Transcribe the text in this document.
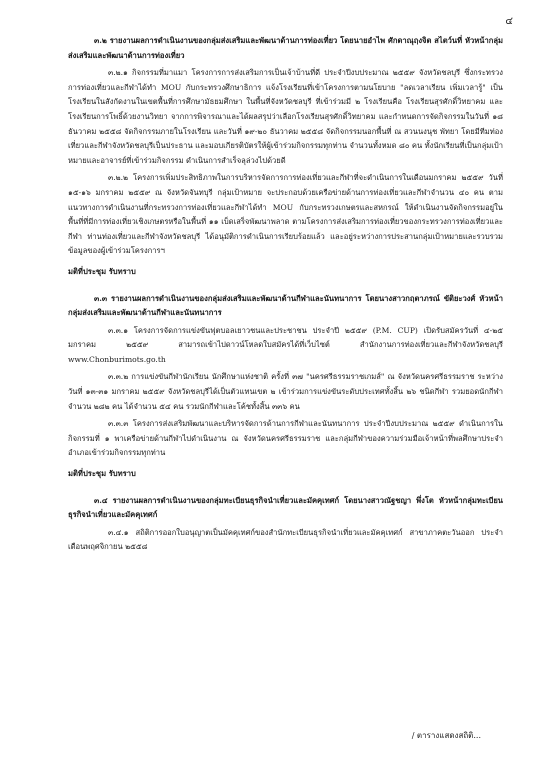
๔

๓.๒ รายงานผลการดำเนินงานของกลุ่มส่งเสริมและพัฒนาด้านการท่องเที่ยว โดยนายอำไพ ศักดาณุฤงจิต สไตว์นที่ หัวหน้ากลุ่มส่งเสริมและพัฒนาด้านการท่องเที่ยว

๓.๒.๑ กิจกรรมที่มาแมา โครงการการส่งเสริมการเป็นเจ้าบ้านที่ดี ประจำปีงบประมาณ ๒๕๕๙ จังหวัดชลบุรี ซึ่งกระทรวงการท่องเที่ยวและกีฬาได้ทำ MOU กับกระทรวงศึกษาธิการ แจ้งโรงเรียนที่เข้าโครงการตามนโยบาย "ลดเวลาเรียน เพิ่มเวลารู้" เป็นโรงเรียนในสังกัดงานในเขตพื้นที่การศึกษามัธยมศึกษา ในพื้นที่จังหวัดชลบุรี ที่เข้าร่วมมี ๒ โรงเรียนคือ โรงเรียนสุรศักดิ์วิทยาคม และโรงเรียนการโพธิ์ด้วยงานวิทยา จากการพิจารณาและได้ผลสรุปว่าเลือกโรงเรียนสุรศักดิ์วิทยาคม และกำหนดการจัดกิจกรรมในวันที่ ๑๘ ธันวาคม ๒๕๕๘ จัดกิจกรรมภายในโรงเรียน และวันที่ ๑๙-๒๐ ธันวาคม ๒๕๕๘ จัดกิจกรรมนอกพื้นที่ ณ สวนนงนุช พัทยา โดยมีทีมท่องเที่ยวและกีฬาจังหวัดชลบุรีเป็นประธาน และมอบเกียรติบัตรให้ผู้เข้าร่วมกิจกรรมทุกท่าน จำนวนทั้งหมด ๘๐ คน ทั้งนักเรียนที่เป็นกลุ่มเป้าหมายและอาจารย์ที่เข้าร่วมกิจกรรม ดำเนินการสำเร็จลุล่วงไปด้วยดี

๓.๒.๒ โครงการเพิ่มประสิทธิภาพในการบริหารจัดการการท่องเที่ยวและกีฬาที่จะดำเนินการในเดือนมกราคม ๒๕๕๙ วันที่ ๑๕-๑๖ มกราคม ๒๕๕๙ ณ จังหวัดจันทบุรี กลุ่มเป้าหมาย จะประกอบด้วยเครือข่ายด้านการท่องเที่ยวและกีฬาจำนวน ๔๐ คน ตามแนวทางการดำเนินงานที่กระทรวงการท่องเที่ยวและกีฬาได้ทำ MOU กับกระทรวงเกษตรและสหกรณ์ ให้ดำเนินงานจัดกิจกรรมอยู่ในพื้นที่ที่มีการท่องเที่ยวเชิงเกษตรหรือในพื้นที่ ๑๑ เบ็ดเสร็จพัฒนาพลาด ตามโครงการส่งเสริมการท่องเที่ยวของกระทรวงการท่องเที่ยวและกีฬา ท่านท่องเที่ยวและกีฬาจังหวัดชลบุรี ได้อนุมัติการดำเนินการเรียบร้อยแล้ว และอยู่ระหว่างการประสานกลุ่มเป้าหมายและรวบรวมข้อมูลของผู้เข้าร่วมโครงการฯ

มติที่ประชุม รับทราบ

๓.๓ รายงานผลการดำเนินงานของกลุ่มส่งเสริมและพัฒนาด้านกีฬาและนันทนาการ โดยนางสาวกฤตาภรณ์ ขัติยะวงศ์ หัวหน้ากลุ่มส่งเสริมและพัฒนาด้านกีฬาและนันทนาการ

๓.๓.๑ โครงการจัดการแข่งขันฟุตบอลเยาวชนและประชาชน ประจำปี ๒๕๕๙ (P.M. CUP) เปิดรับสมัครวันที่ ๔-๒๕ มกราคม ๒๕๕๙ สามารถเข้าไปดาวน์โหลดใบสมัครได้ที่เว็บไซต์ สำนักงานการท่องเที่ยวและกีฬาจังหวัดชลบุรี www.Chonburimots.go.th

๓.๓.๒ การแข่งขันกีฬานักเรียน นักศึกษาแห่งชาติ ครั้งที่ ๓๗ "นครศรีธรรมราชเกมส์" ณ จังหวัดนครศรีธรรมราช ระหว่างวันที่ ๑๓-๓๑ มกราคม ๒๕๕๙ จังหวัดชลบุรีได้เป็นตัวแทนเขต ๒ เข้าร่วมการแข่งขันระดับประเทศทั้งสิ้น ๒๖ ชนิดกีฬา รวมยอดนักกีฬาจำนวน ๒๘๒ คน ได้จำนวน ๕๔ คน รวมนักกีฬาและโค้ชทั้งสิ้น ๓๓๖ คน

๓.๓.๓ โครงการส่งเสริมพัฒนาและบริหารจัดการด้านการกีฬาและนันทนาการ ประจำปีงบประมาณ ๒๕๕๙ ดำเนินการในกิจกรรมที่ ๑ พาเครือข่ายด้านกีฬาไปดำเนินงาน ณ จังหวัดนครศรีธรรมราช และกลุ่มกีฬาของความร่วมมือเจ้าหน้าที่พลศึกษาประจำอำเภอเข้าร่วมกิจกรรมทุกท่าน

มติที่ประชุม รับทราบ

๓.๔ รายงานผลการดำเนินงานของกลุ่มทะเบียนธุรกิจนำเที่ยวและมัคคุเทศก์ โดยนางสาวณัฐชญา พึ่งโต หัวหน้ากลุ่มทะเบียนธุรกิจนำเที่ยวและมัคคุเทศก์

๓.๔.๑ สถิติการออกใบอนุญาตเป็นมัคคุเทศก์ของสำนักทะเบียนธุรกิจนำเที่ยวและมัคคุเทศก์ สาขาภาคตะวันออก ประจำเดือนพฤศจิกายน ๒๕๕๘

/ ตารางแสดงสถิติ...
